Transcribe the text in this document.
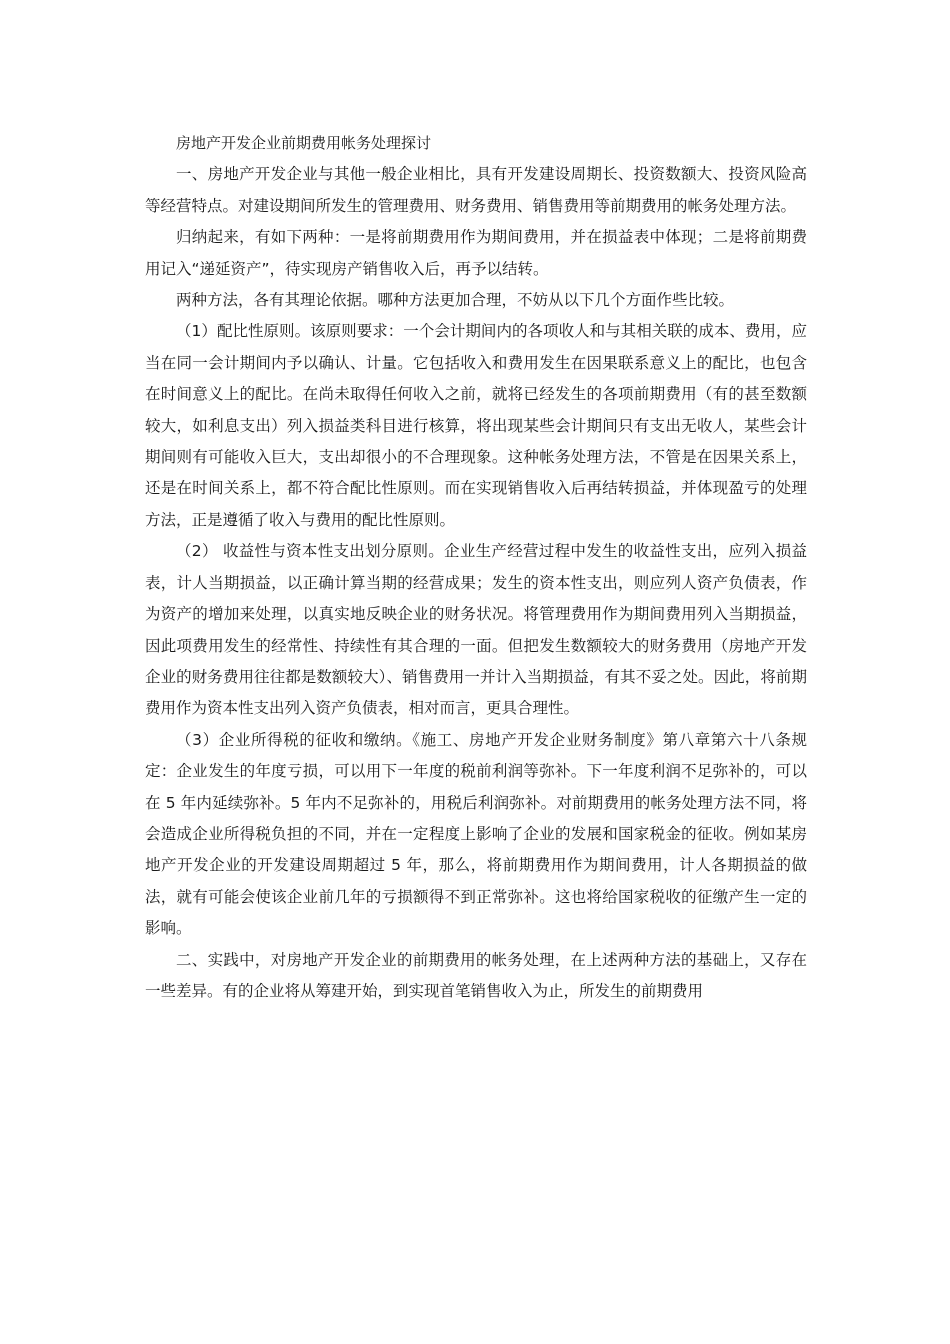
房地产开发企业前期费用帐务处理探讨

一、房地产开发企业与其他一般企业相比，具有开发建设周期长、投资数额大、投资风险高等经营特点。对建设期间所发生的管理费用、财务费用、销售费用等前期费用的帐务处理方法。

归纳起来，有如下两种：一是将前期费用作为期间费用，并在损益表中体现；二是将前期费用记入“递延资产”，待实现房产销售收入后，再予以结转。

两种方法，各有其理论依据。哪种方法更加合理，不妨从以下几个方面作些比较。

（1）配比性原则。该原则要求：一个会计期间内的各项收人和与其相关联的成本、费用，应当在同一会计期间内予以确认、计量。它包括收入和费用发生在因果联系意义上的配比，也包含在时间意义上的配比。在尚未取得任何收入之前，就将已经发生的各项前期费用（有的甚至数额较大，如利息支出）列入损益类科目进行核算，将出现某些会计期间只有支出无收人，某些会计期间则有可能收入巨大，支出却很小的不合理现象。这种帐务处理方法，不管是在因果关系上，还是在时间关系上，都不符合配比性原则。而在实现销售收入后再结转损益，并体现盈亏的处理方法，正是遵循了收入与费用的配比性原则。

（2） 收益性与资本性支出划分原则。企业生产经营过程中发生的收益性支出，应列入损益表，计人当期损益，以正确计算当期的经营成果；发生的资本性支出，则应列人资产负债表，作为资产的增加来处理，以真实地反映企业的财务状况。将管理费用作为期间费用列入当期损益，因此项费用发生的经常性、持续性有其合理的一面。但把发生数额较大的财务费用（房地产开发企业的财务费用往往都是数额较大）、销售费用一并计入当期损益，有其不妥之处。因此，将前期费用作为资本性支出列入资产负债表，相对而言，更具合理性。

（3）企业所得税的征收和缴纳。《施工、房地产开发企业财务制度》第八章第六十八条规定：企业发生的年度亏损，可以用下一年度的税前利润等弥补。下一年度利润不足弥补的，可以在 5 年内延续弥补。5 年内不足弥补的，用税后利润弥补。对前期费用的帐务处理方法不同，将会造成企业所得税负担的不同，并在一定程度上影响了企业的发展和国家税金的征收。例如某房地产开发企业的开发建设周期超过 5 年，那么，将前期费用作为期间费用，计人各期损益的做法，就有可能会使该企业前几年的亏损额得不到正常弥补。这也将给国家税收的征缴产生一定的影响。

二、实践中，对房地产开发企业的前期费用的帐务处理，在上述两种方法的基础上，又存在一些差异。有的企业将从筹建开始，到实现首笔销售收入为止，所发生的前期费用
